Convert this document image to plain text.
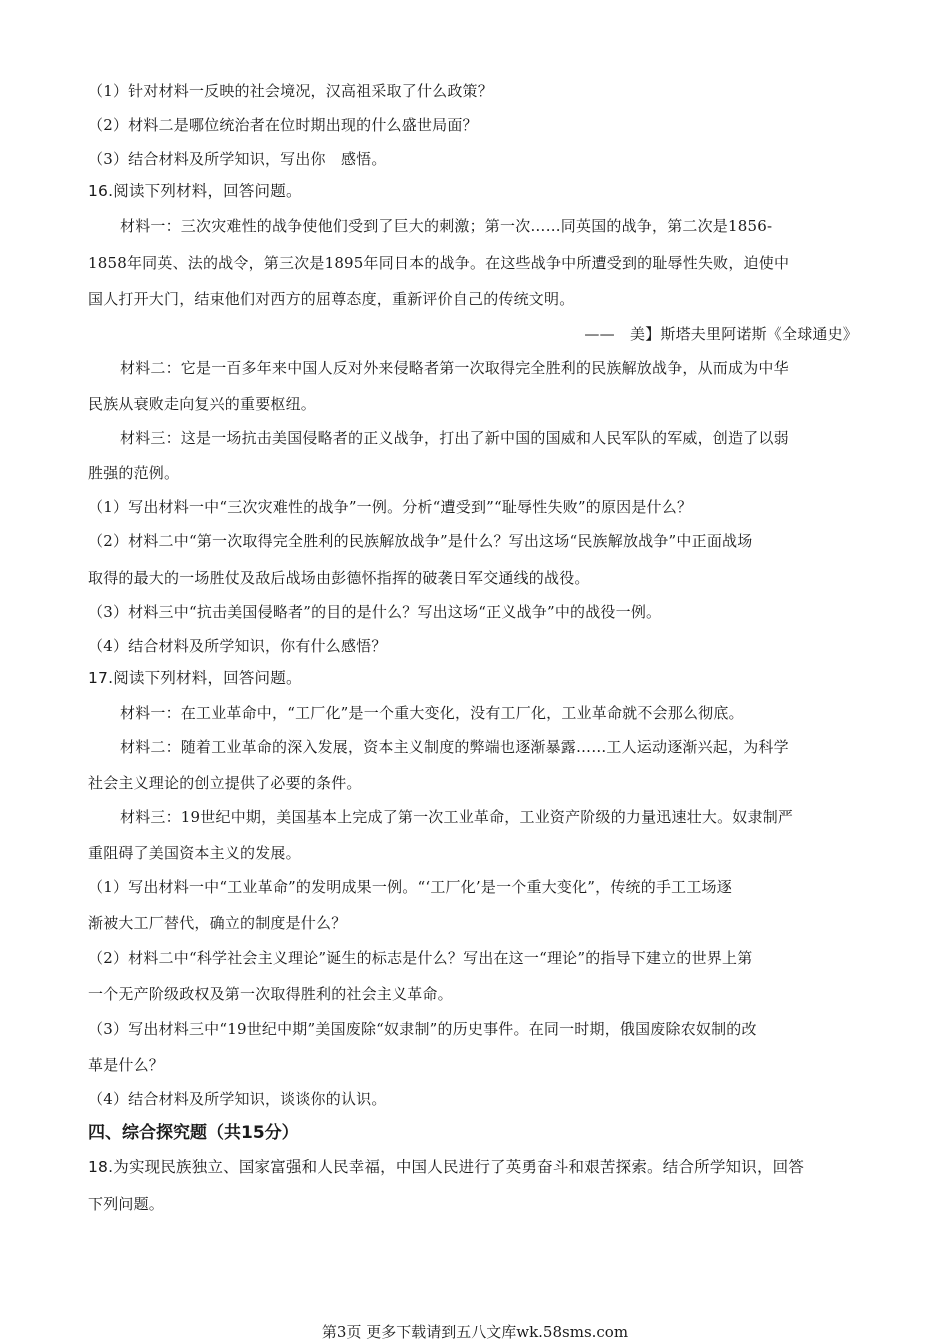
（1）针对材料一反映的社会境况，汉高祖采取了什么政策？
（2）材料二是哪位统治者在位时期出现的什么盛世局面？
（3）结合材料及所学知识，写出你　感悟。
16.阅读下列材料，回答问题。
材料一：三次灾难性的战争使他们受到了巨大的刺激；第一次……同英国的战争，第二次是1856-
1858年同英、法的战令，第三次是1895年同日本的战争。在这些战争中所遭受到的耻辱性失败，迫使中
国人打开大门，结束他们对西方的屈尊态度，重新评价自己的传统文明。
——　美】斯塔夫里阿诺斯《全球通史》
材料二：它是一百多年来中国人反对外来侵略者第一次取得完全胜利的民族解放战争，从而成为中华
民族从衰败走向复兴的重要枢纽。
材料三：这是一场抗击美国侵略者的正义战争，打出了新中国的国威和人民军队的军威，创造了以弱
胜强的范例。
（1）写出材料一中“三次灾难性的战争”一例。分析“遭受到”“耻辱性失败”的原因是什么？
（2）材料二中“第一次取得完全胜利的民族解放战争”是什么？写出这场“民族解放战争”中正面战场
取得的最大的一场胜仗及敌后战场由彭德怀指挥的破袭日军交通线的战役。
（3）材料三中“抗击美国侵略者”的目的是什么？写出这场“正义战争”中的战役一例。
（4）结合材料及所学知识，你有什么感悟？
17.阅读下列材料，回答问题。
材料一：在工业革命中，“工厂化”是一个重大变化，没有工厂化，工业革命就不会那么彻底。
材料二：随着工业革命的深入发展，资本主义制度的弊端也逐渐暴露……工人运动逐渐兴起，为科学
社会主义理论的创立提供了必要的条件。
材料三：19世纪中期，美国基本上完成了第一次工业革命，工业资产阶级的力量迅速壮大。奴隶制严
重阻碍了美国资本主义的发展。
（1）写出材料一中“工业革命”的发明成果一例。“‘工厂化’是一个重大变化”，传统的手工工场逐
渐被大工厂替代，确立的制度是什么？
（2）材料二中“科学社会主义理论”诞生的标志是什么？写出在这一“理论”的指导下建立的世界上第
一个无产阶级政权及第一次取得胜利的社会主义革命。
（3）写出材料三中“19世纪中期”美国废除“奴隶制”的历史事件。在同一时期，俄国废除农奴制的改
革是什么？
（4）结合材料及所学知识，谈谈你的认识。
四、综合探究题（共15分）
18.为实现民族独立、国家富强和人民幸福，中国人民进行了英勇奋斗和艰苦探索。结合所学知识，回答
下列问题。
第3页 更多下载请到五八文库wk.58sms.com
